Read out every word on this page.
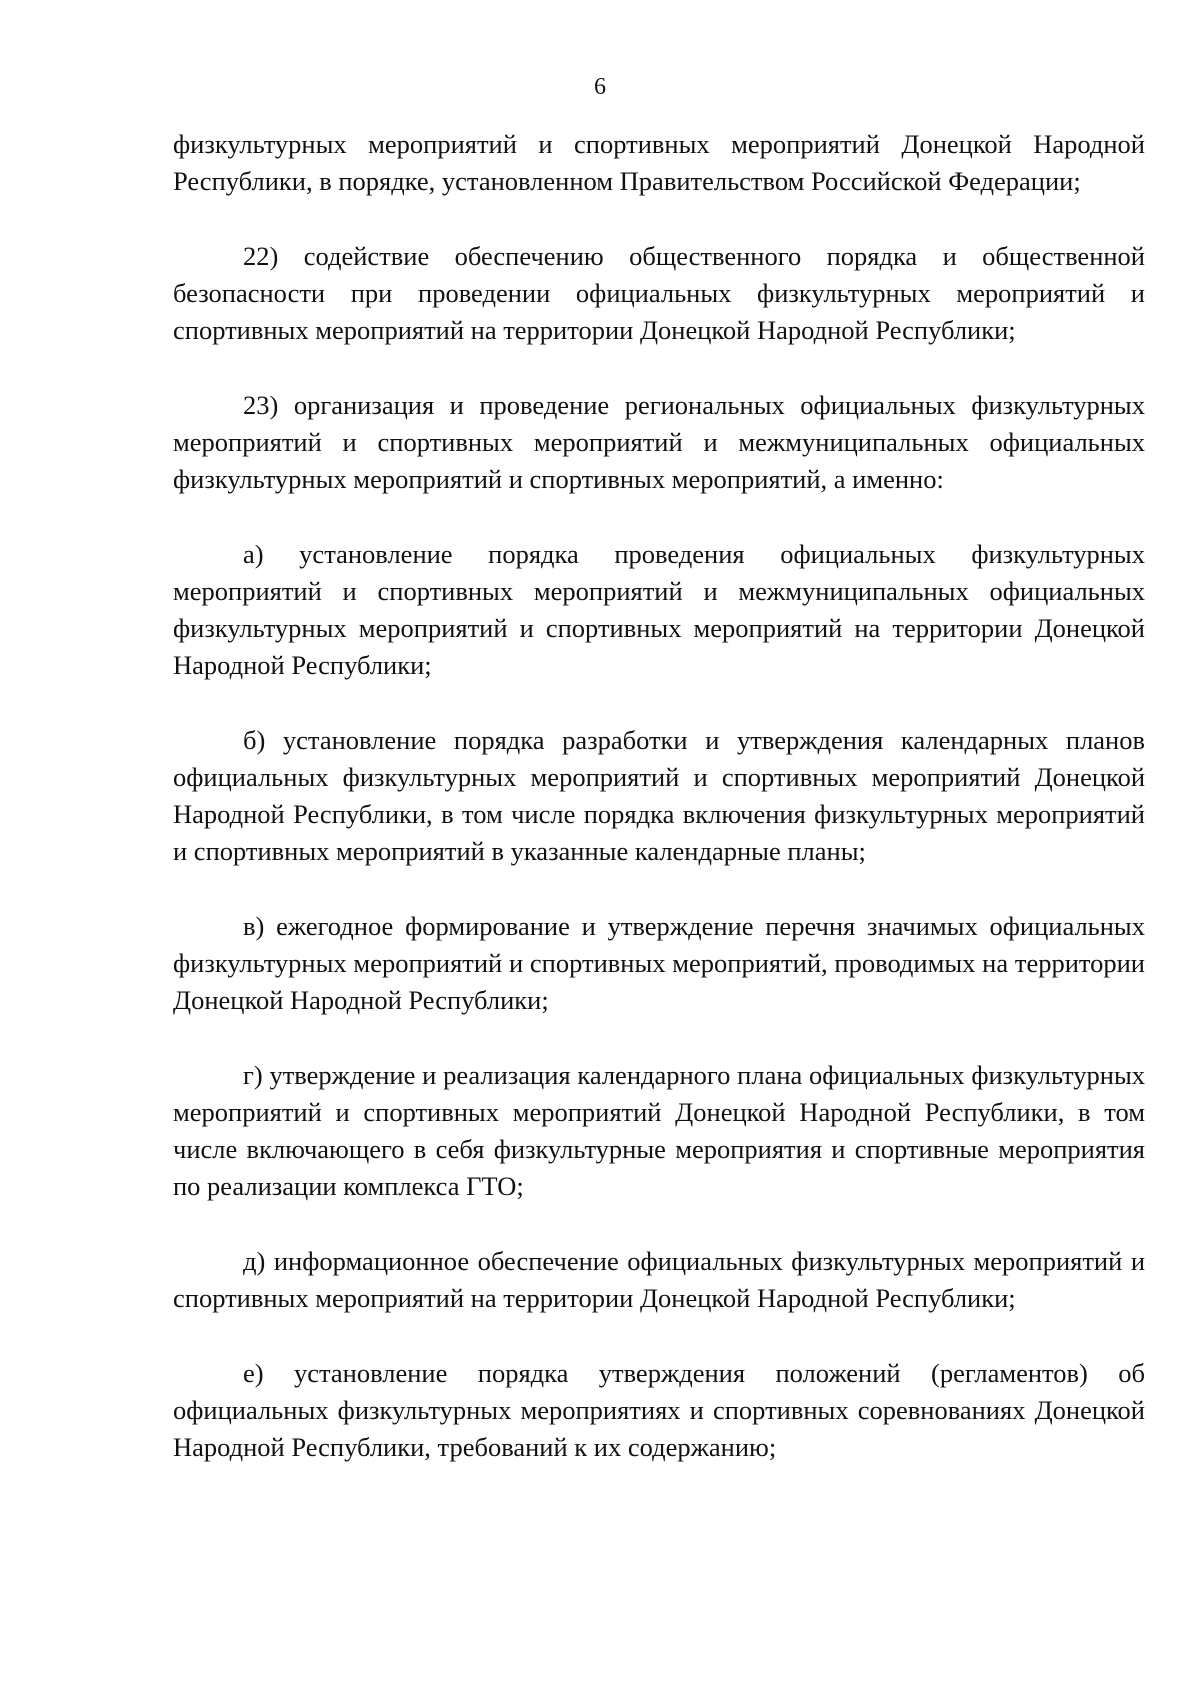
6

физкультурных мероприятий и спортивных мероприятий Донецкой Народной Республики, в порядке, установленном Правительством Российской Федерации;

22) содействие обеспечению общественного порядка и общественной безопасности при проведении официальных физкультурных мероприятий и спортивных мероприятий на территории Донецкой Народной Республики;

23) организация и проведение региональных официальных физкультурных мероприятий и спортивных мероприятий и межмуниципальных официальных физкультурных мероприятий и спортивных мероприятий, а именно:

а) установление порядка проведения официальных физкультурных мероприятий и спортивных мероприятий и межмуниципальных официальных физкультурных мероприятий и спортивных мероприятий на территории Донецкой Народной Республики;

б) установление порядка разработки и утверждения календарных планов официальных физкультурных мероприятий и спортивных мероприятий Донецкой Народной Республики, в том числе порядка включения физкультурных мероприятий и спортивных мероприятий в указанные календарные планы;

в) ежегодное формирование и утверждение перечня значимых официальных физкультурных мероприятий и спортивных мероприятий, проводимых на территории Донецкой Народной Республики;

г) утверждение и реализация календарного плана официальных физкультурных мероприятий и спортивных мероприятий Донецкой Народной Республики, в том числе включающего в себя физкультурные мероприятия и спортивные мероприятия по реализации комплекса ГТО;

д) информационное обеспечение официальных физкультурных мероприятий и спортивных мероприятий на территории Донецкой Народной Республики;

е) установление порядка утверждения положений (регламентов) об официальных физкультурных мероприятиях и спортивных соревнованиях Донецкой Народной Республики, требований к их содержанию;
